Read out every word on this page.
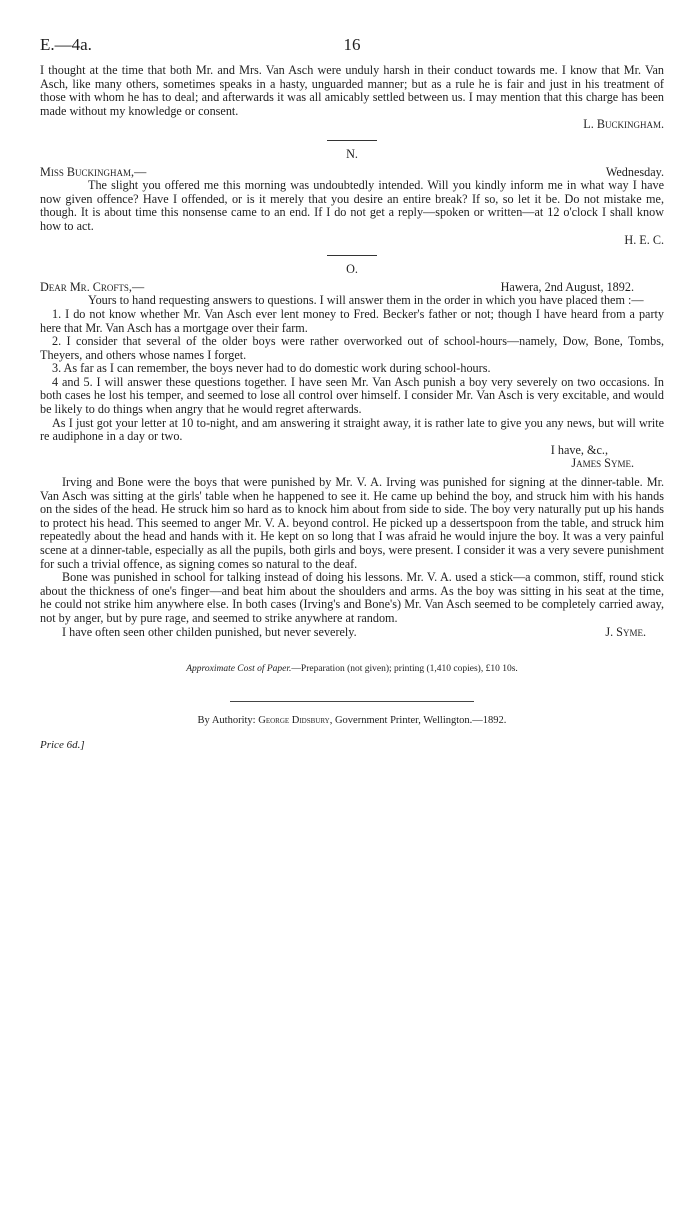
E.—4a.	16

I thought at the time that both Mr. and Mrs. Van Asch were unduly harsh in their conduct towards me. I know that Mr. Van Asch, like many others, sometimes speaks in a hasty, unguarded manner; but as a rule he is fair and just in his treatment of those with whom he has to deal; and afterwards it was all amicably settled between us. I may mention that this charge has been made without my knowledge or consent.

L. Buckingham.

N.
Miss Buckingham,—	Wednesday.

The slight you offered me this morning was undoubtedly intended. Will you kindly inform me in what way I have now given offence? Have I offended, or is it merely that you desire an entire break? If so, so let it be. Do not mistake me, though. It is about time this nonsense came to an end. If I do not get a reply—spoken or written—at 12 o'clock I shall know how to act.

H. E. C.

O.
Dear Mr. Crofts,—	Hawera, 2nd August, 1892.

Yours to hand requesting answers to questions. I will answer them in the order in which you have placed them :—

1. I do not know whether Mr. Van Asch ever lent money to Fred. Becker's father or not; though I have heard from a party here that Mr. Van Asch has a mortgage over their farm.

2. I consider that several of the older boys were rather overworked out of school-hours—namely, Dow, Bone, Tombs, Theyers, and others whose names I forget.

3. As far as I can remember, the boys never had to do domestic work during school-hours.

4 and 5. I will answer these questions together. I have seen Mr. Van Asch punish a boy very severely on two occasions. In both cases he lost his temper, and seemed to lose all control over himself. I consider Mr. Van Asch is very excitable, and would be likely to do things when angry that he would regret afterwards.

As I just got your letter at 10 to-night, and am answering it straight away, it is rather late to give you any news, but will write re audiphone in a day or two.

I have, &c.,

James Syme.

Irving and Bone were the boys that were punished by Mr. V. A. Irving was punished for signing at the dinner-table. Mr. Van Asch was sitting at the girls' table when he happened to see it. He came up behind the boy, and struck him with his hands on the sides of the head. He struck him so hard as to knock him about from side to side. The boy very naturally put up his hands to protect his head. This seemed to anger Mr. V. A. beyond control. He picked up a dessertspoon from the table, and struck him repeatedly about the head and hands with it. He kept on so long that I was afraid he would injure the boy. It was a very painful scene at a dinner-table, especially as all the pupils, both girls and boys, were present. I consider it was a very severe punishment for such a trivial offence, as signing comes so natural to the deaf.

Bone was punished in school for talking instead of doing his lessons. Mr. V. A. used a stick—a common, stiff, round stick about the thickness of one's finger—and beat him about the shoulders and arms. As the boy was sitting in his seat at the time, he could not strike him anywhere else. In both cases (Irving's and Bone's) Mr. Van Asch seemed to be completely carried away, not by anger, but by pure rage, and seemed to strike anywhere at random.

I have often seen other childen punished, but never severely.	J. Syme.
Approximate Cost of Paper.—Preparation (not given); printing (1,410 copies), £10 10s.
By Authority: George Didsbury, Government Printer, Wellington.—1892.
Price 6d.]
